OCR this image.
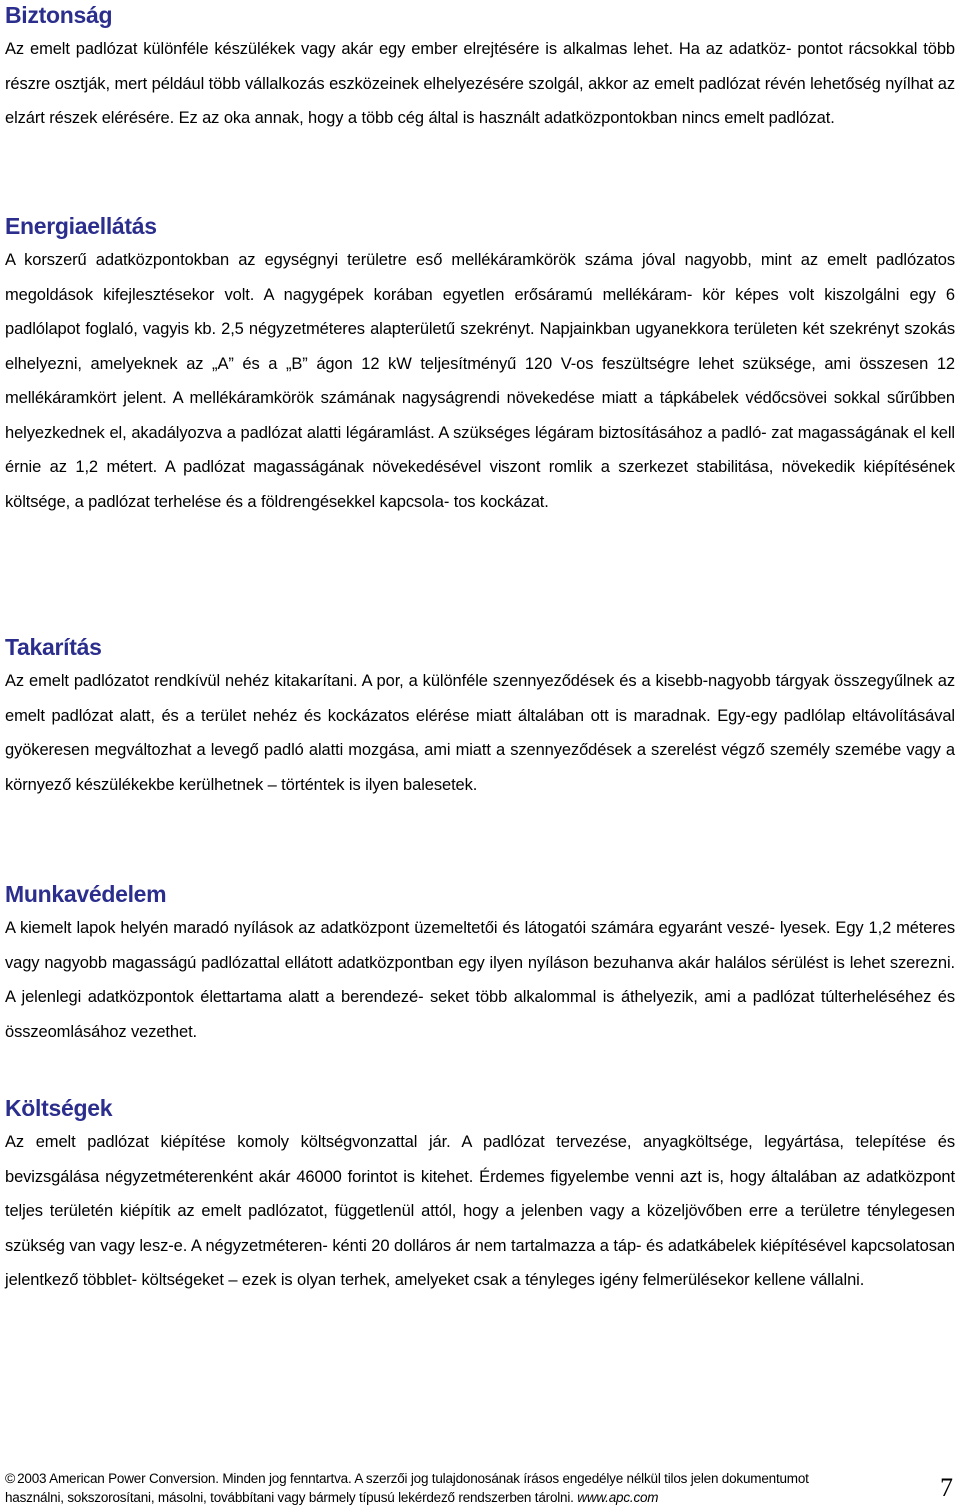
Biztonság

Az emelt padlózat különféle készülékek vagy akár egy ember elrejtésére is alkalmas lehet. Ha az adatköz- pontot rácsokkal több részre osztják, mert például több vállalkozás eszközeinek elhelyezésére szolgál, akkor az emelt padlózat révén lehetőség nyílhat az elzárt részek elérésére. Ez az oka annak, hogy a több cég által is használt adatközpontokban nincs emelt padlózat.

Energiaellátás

A korszerű adatközpontokban az egységnyi területre eső mellékáramkörök száma jóval nagyobb, mint az emelt padlózatos megoldások kifejlesztésekor volt. A nagygépek korában egyetlen erősáramú mellékáram- kör képes volt kiszolgálni egy 6 padlólapot foglaló, vagyis kb. 2,5 négyzetméteres alapterületű szekrényt. Napjainkban ugyanekkora területen két szekrényt szokás elhelyezni, amelyeknek az „A” és a „B” ágon 12 kW teljesítményű 120 V-os feszültségre lehet szüksége, ami összesen 12 mellékáramkört jelent. A mellékáramkörök számának nagyságrendi növekedése miatt a tápkábelek védőcsövei sokkal sűrűbben helyezkednek el, akadályozva a padlózat alatti légáramlást. A szükséges légáram biztosításához a padló- zat magasságának el kell érnie az 1,2 métert. A padlózat magasságának növekedésével viszont romlik a szerkezet stabilitása, növekedik kiépítésének költsége, a padlózat terhelése és a földrengésekkel kapcsola- tos kockázat.

Takarítás

Az emelt padlózatot rendkívül nehéz kitakarítani. A por, a különféle szennyeződések és a kisebb-nagyobb tárgyak összegyűlnek az emelt padlózat alatt, és a terület nehéz és kockázatos elérése miatt általában ott is maradnak. Egy-egy padlólap eltávolításával gyökeresen megváltozhat a levegő padló alatti mozgása, ami miatt a szennyeződések a szerelést végző személy szemébe vagy a környező készülékekbe kerülhetnek – történtek is ilyen balesetek.

Munkavédelem

A kiemelt lapok helyén maradó nyílások az adatközpont üzemeltetői és látogatói számára egyaránt veszé- lyesek. Egy 1,2 méteres vagy nagyobb magasságú padlózattal ellátott adatközpontban egy ilyen nyíláson bezuhanva akár halálos sérülést is lehet szerezni. A jelenlegi adatközpontok élettartama alatt a berendezé- seket több alkalommal is áthelyezik, ami a padlózat túlterheléséhez és összeomlásához vezethet.

Költségek

Az emelt padlózat kiépítése komoly költségvonzattal jár. A padlózat tervezése, anyagköltsége, legyártása, telepítése és bevizsgálása négyzetméterenként akár 46000 forintot is kitehet. Érdemes figyelembe venni azt is, hogy általában az adatközpont teljes területén kiépítik az emelt padlózatot, függetlenül attól, hogy a jelenben vagy a közeljövőben erre a területre ténylegesen szükség van vagy lesz-e. A négyzetméteren- kénti 20 dolláros ár nem tartalmazza a táp- és adatkábelek kiépítésével kapcsolatosan jelentkező többlet- költségeket – ezek is olyan terhek, amelyeket csak a tényleges igény felmerülésekor kellene vállalni.

© 2003 American Power Conversion. Minden jog fenntartva. A szerzői jog tulajdonosának írásos engedélye nélkül tilos jelen dokumentumot
használni, sokszorosítani, másolni, továbbítani vagy bármely típusú lekérdező rendszerben tárolni. www.apc.com	7
